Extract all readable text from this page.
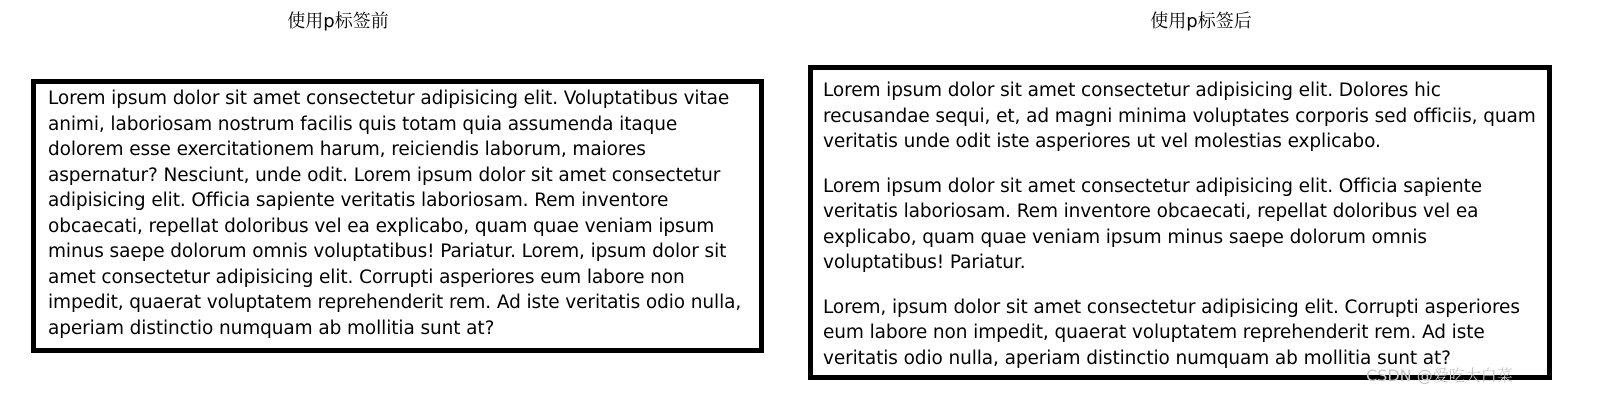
使用p标签前	使用p标签后
Lorem ipsum dolor sit amet consectetur adipisicing elit. Voluptatibus vitae animi, laboriosam nostrum facilis quis totam quia assumenda itaque dolorem esse exercitationem harum, reiciendis laborum, maiores aspernatur? Nesciunt, unde odit. Lorem ipsum dolor sit amet consectetur adipisicing elit. Officia sapiente veritatis laboriosam. Rem inventore obcaecati, repellat doloribus vel ea explicabo, quam quae veniam ipsum minus saepe dolorum omnis voluptatibus! Pariatur. Lorem, ipsum dolor sit amet consectetur adipisicing elit. Corrupti asperiores eum labore non impedit, quaerat voluptatem reprehenderit rem. Ad iste veritatis odio nulla, aperiam distinctio numquam ab mollitia sunt at?

Lorem ipsum dolor sit amet consectetur adipisicing elit. Dolores hic recusandae sequi, et, ad magni minima voluptates corporis sed officiis, quam veritatis unde odit iste asperiores ut vel molestias explicabo.

Lorem ipsum dolor sit amet consectetur adipisicing elit. Officia sapiente veritatis laboriosam. Rem inventore obcaecati, repellat doloribus vel ea explicabo, quam quae veniam ipsum minus saepe dolorum omnis voluptatibus! Pariatur.

Lorem, ipsum dolor sit amet consectetur adipisicing elit. Corrupti asperiores eum labore non impedit, quaerat voluptatem reprehenderit rem. Ad iste veritatis odio nulla, aperiam distinctio numquam ab mollitia sunt at?

CSDN @爱吃大白菜
